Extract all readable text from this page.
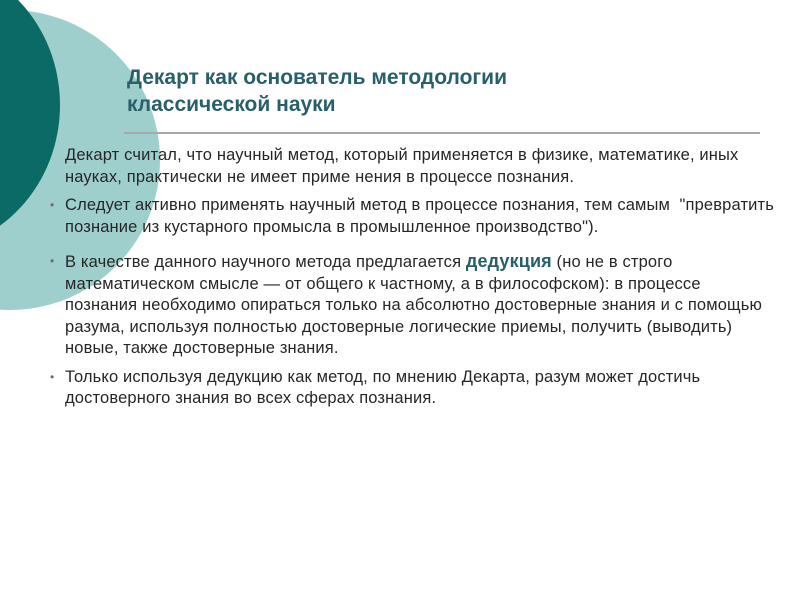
Декарт как основатель методологии
классической науки
Декарт считал, что научный метод, который применяется в физике, математике, иных науках, практически не имеет приме нения в процессе познания.
• Следует активно применять научный метод в процессе познания, тем самым  "превратить познание из кустарного промысла в промышленное производство").
• В качестве данного научного метода предлагается дедукция (но не в строго математическом смысле — от общего к частному, а в философском): в процессе познания необходимо опираться только на абсолютно достоверные знания и с помощью разума, используя полностью достоверные логические приемы, получить (выводить) новые, также достоверные знания.
• Только используя дедукцию как метод, по мнению Декарта, разум может достичь достоверного знания во всех сферах познания.
